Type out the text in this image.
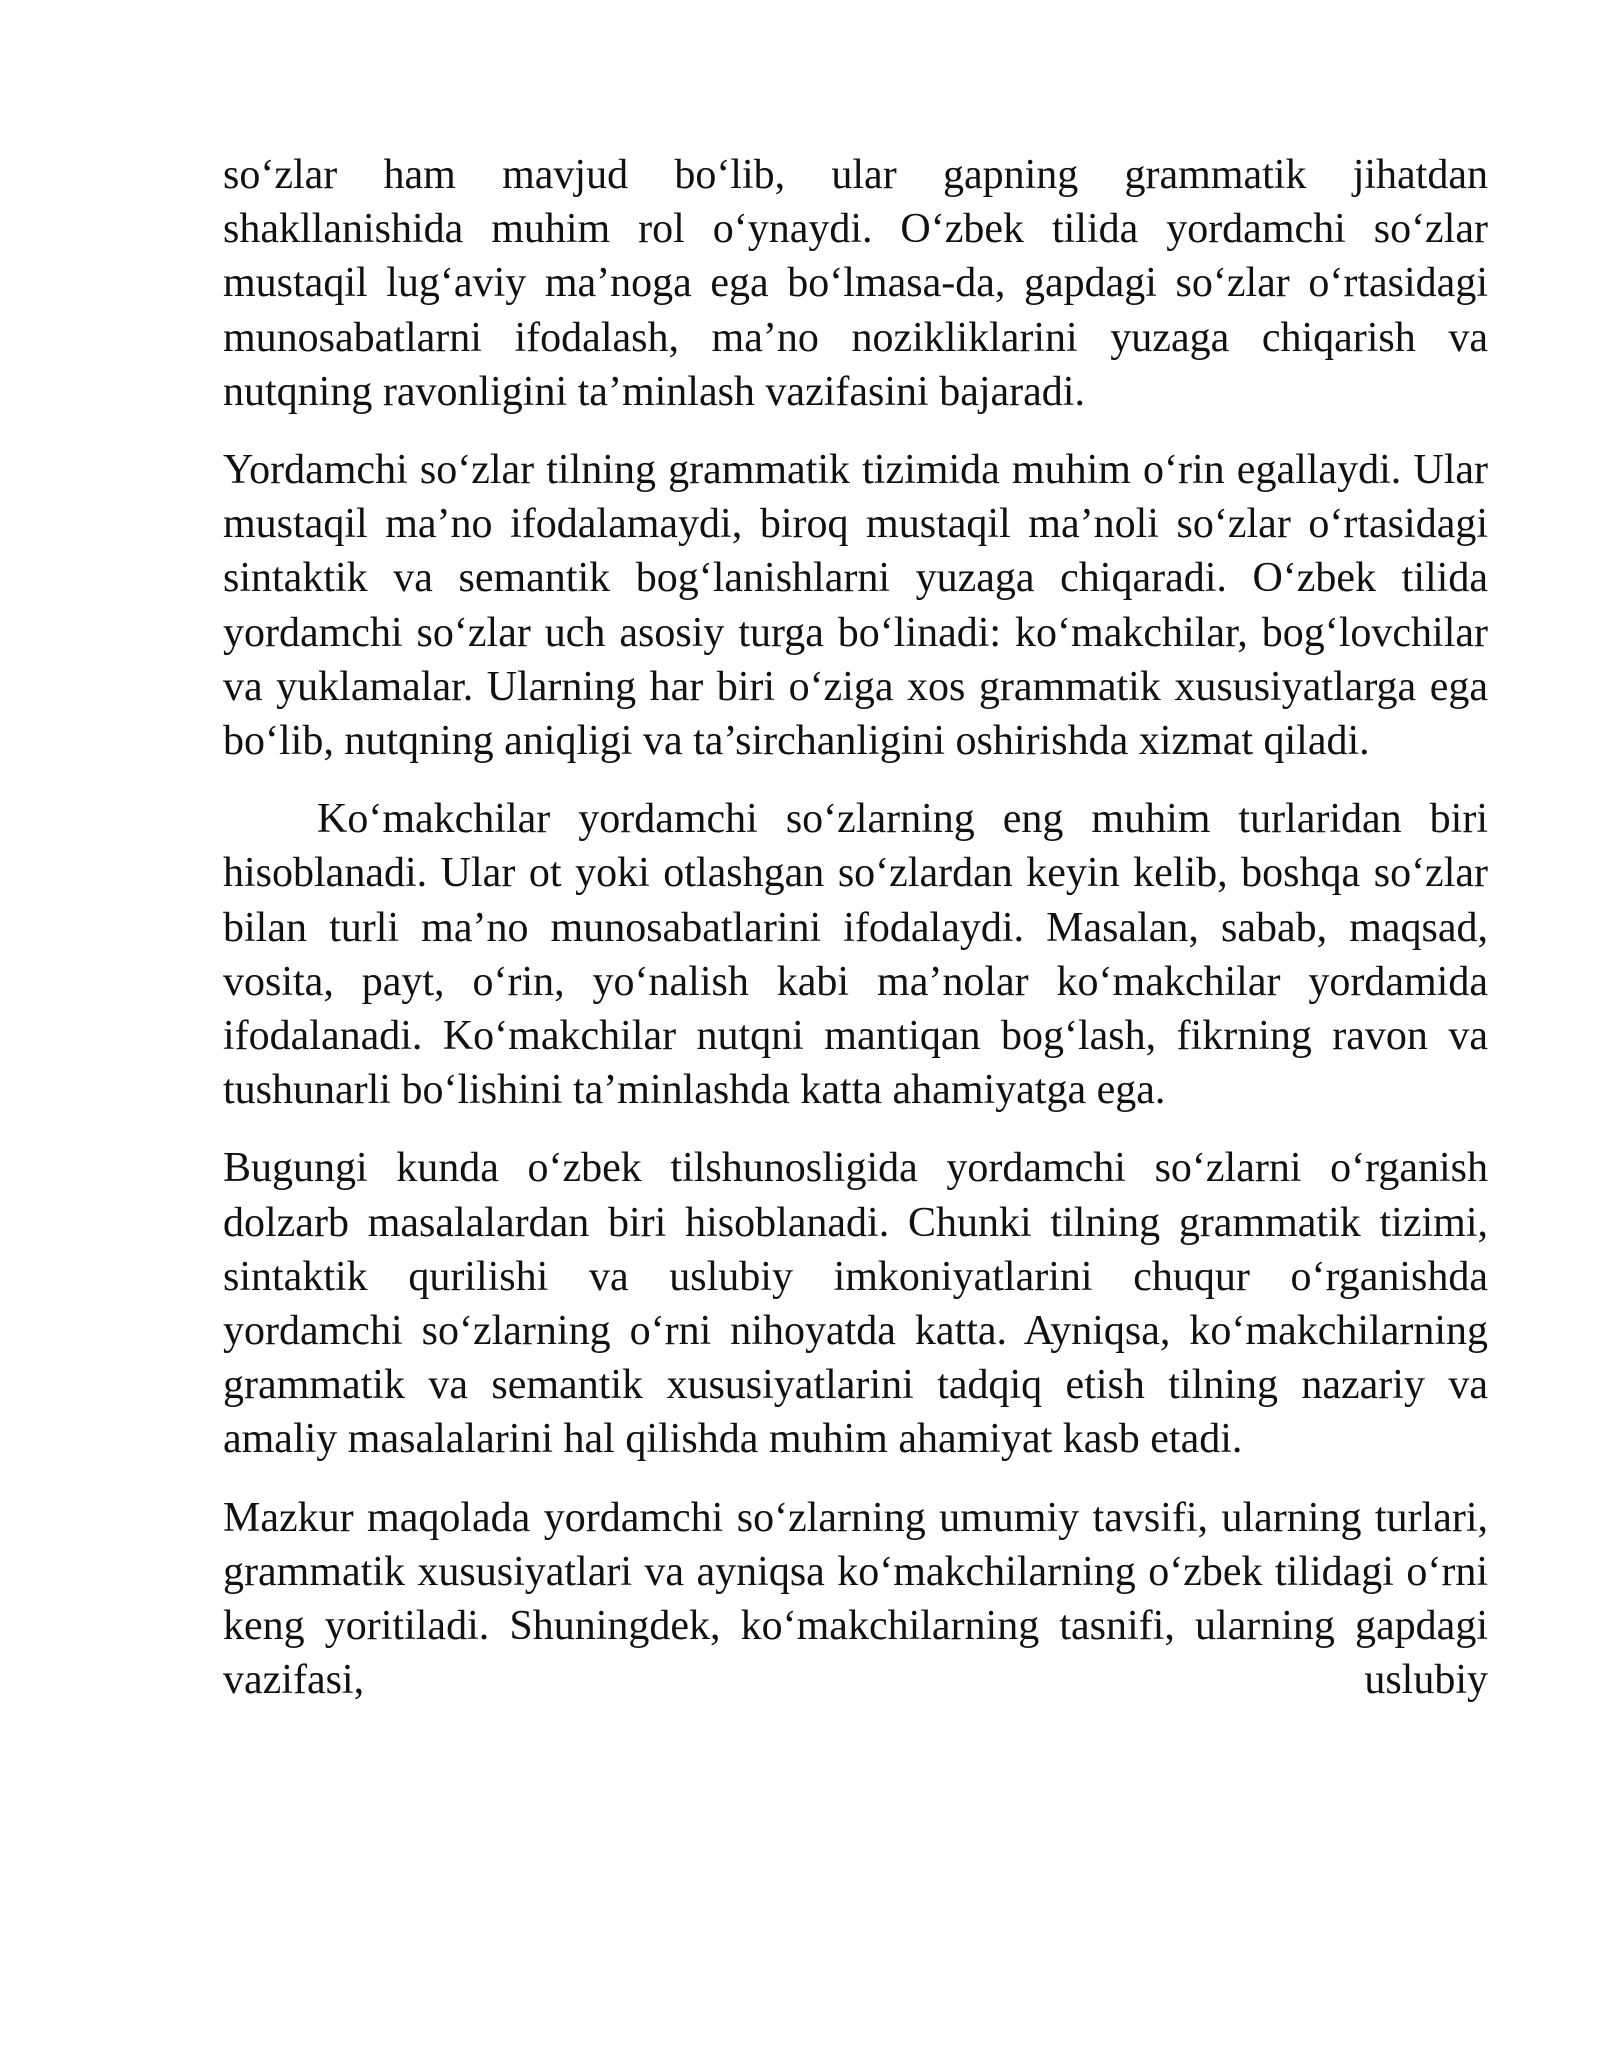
so‘zlar ham mavjud bo‘lib, ular gapning grammatik jihatdan shakllanishida muhim rol o‘ynaydi. O‘zbek tilida yordamchi so‘zlar mustaqil lug‘aviy ma’noga ega bo‘lmasa-da, gapdagi so‘zlar o‘rtasidagi munosabatlarni ifodalash, ma’no nozikliklarini yuzaga chiqarish va nutqning ravonligini ta’minlash vazifasini bajaradi.

Yordamchi so‘zlar tilning grammatik tizimida muhim o‘rin egallaydi. Ular mustaqil ma’no ifodalamaydi, biroq mustaqil ma’noli so‘zlar o‘rtasidagi sintaktik va semantik bog‘lanishlarni yuzaga chiqaradi. O‘zbek tilida yordamchi so‘zlar uch asosiy turga bo‘linadi: ko‘makchilar, bog‘lovchilar va yuklamalar. Ularning har biri o‘ziga xos grammatik xususiyatlarga ega bo‘lib, nutqning aniqligi va ta’sirchanligini oshirishda xizmat qiladi.

Ko‘makchilar yordamchi so‘zlarning eng muhim turlaridan biri hisoblanadi. Ular ot yoki otlashgan so‘zlardan keyin kelib, boshqa so‘zlar bilan turli ma’no munosabatlarini ifodalaydi. Masalan, sabab, maqsad, vosita, payt, o‘rin, yo‘nalish kabi ma’nolar ko‘makchilar yordamida ifodalanadi. Ko‘makchilar nutqni mantiqan bog‘lash, fikrning ravon va tushunarli bo‘lishini ta’minlashda katta ahamiyatga ega.

Bugungi kunda o‘zbek tilshunosligida yordamchi so‘zlarni o‘rganish dolzarb masalalardan biri hisoblanadi. Chunki tilning grammatik tizimi, sintaktik qurilishi va uslubiy imkoniyatlarini chuqur o‘rganishda yordamchi so‘zlarning o‘rni nihoyatda katta. Ayniqsa, ko‘makchilarning grammatik va semantik xususiyatlarini tadqiq etish tilning nazariy va amaliy masalalarini hal qilishda muhim ahamiyat kasb etadi.

Mazkur maqolada yordamchi so‘zlarning umumiy tavsifi, ularning turlari, grammatik xususiyatlari va ayniqsa ko‘makchilarning o‘zbek tilidagi o‘rni keng yoritiladi. Shuningdek, ko‘makchilarning tasnifi, ularning gapdagi vazifasi, uslubiy
